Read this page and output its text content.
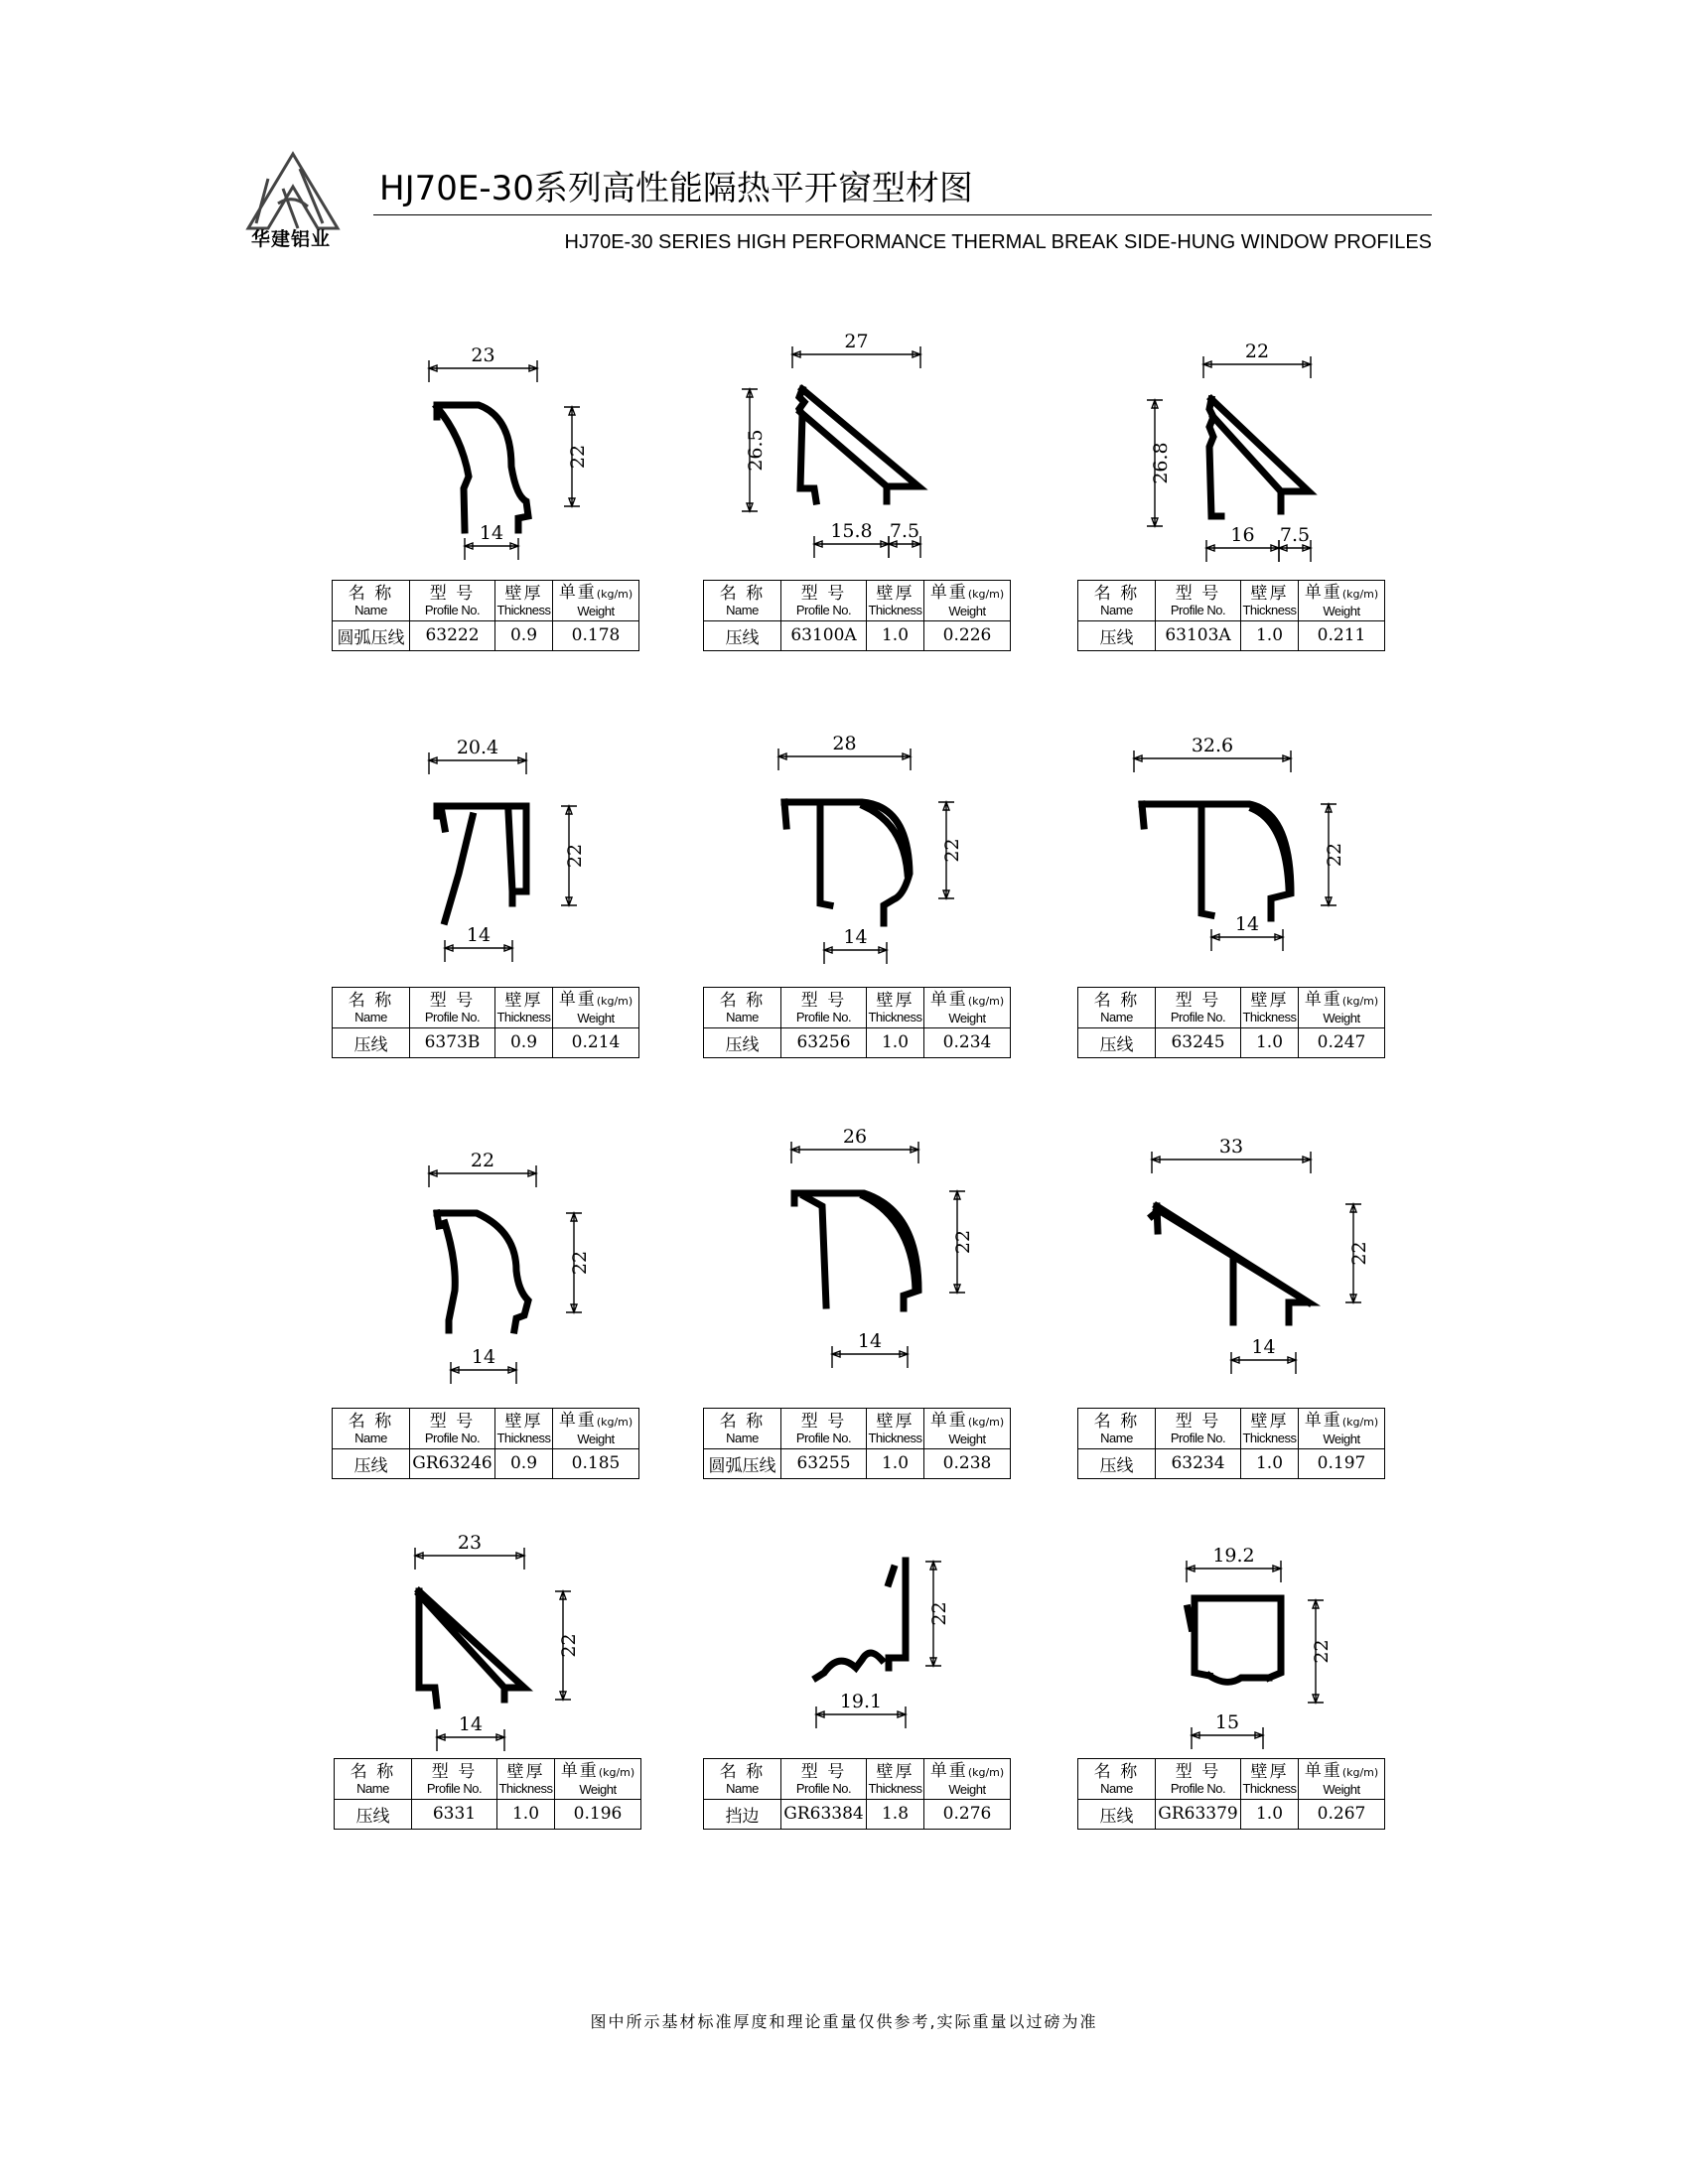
华建铝业
HJ70E-30系列高性能隔热平开窗型材图
HJ70E-30 SERIES HIGH PERFORMANCE THERMAL BREAK SIDE-HUNG WINDOW PROFILES
23
22
14
27
26.5
15.8 7.5
22
26.8
16 7.5
20.4
22
14
28
22
14
32.6
22
14
22
22
14
26
22
14
33
22
14
23
22
14
22
19.1
19.2
22
15
名 称
Name
型 号
Profile No.
壁厚
Thickness
单重(kg/m)
Weight
圆弧压线 63222 0.9 0.178
名 称
Name
型 号
Profile No.
壁厚
Thickness
单重(kg/m)
Weight
压线 63100A 1.0 0.226
名 称
Name
型 号
Profile No.
壁厚
Thickness
单重(kg/m)
Weight
压线 63103A 1.0 0.211
名 称
Name
型 号
Profile No.
壁厚
Thickness
单重(kg/m)
Weight
压线 6373B 0.9 0.214
名 称
Name
型 号
Profile No.
壁厚
Thickness
单重(kg/m)
Weight
压线 63256 1.0 0.234
名 称
Name
型 号
Profile No.
壁厚
Thickness
单重(kg/m)
Weight
压线 63245 1.0 0.247
名 称
Name
型 号
Profile No.
壁厚
Thickness
单重(kg/m)
Weight
压线 GR63246 0.9 0.185
名 称
Name
型 号
Profile No.
壁厚
Thickness
单重(kg/m)
Weight
圆弧压线 63255 1.0 0.238
名 称
Name
型 号
Profile No.
壁厚
Thickness
单重(kg/m)
Weight
压线 63234 1.0 0.197
名 称
Name
型 号
Profile No.
壁厚
Thickness
单重(kg/m)
Weight
压线	6331 1.0 0.196
名 称
Name
型 号
Profile No.
壁厚
Thickness
单重(kg/m)
Weight
挡边 GR63384 1.8 0.276
名 称
Name
型 号
Profile No.
壁厚
Thickness
单重(kg/m)
Weight
压线 GR63379 1.0 0.267
图中所示基材标准厚度和理论重量仅供参考,实际重量以过磅为准
